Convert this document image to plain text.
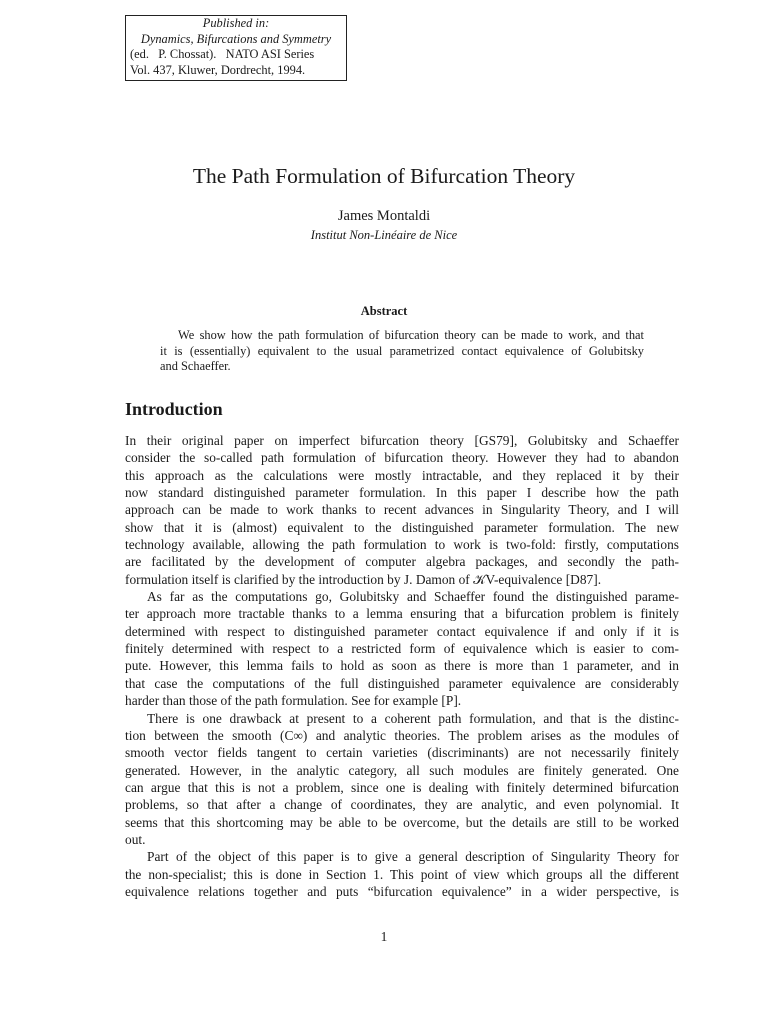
Published in:
Dynamics, Bifurcations and Symmetry
(ed.   P. Chossat).   NATO ASI Series
Vol. 437, Kluwer, Dordrecht, 1994.
The Path Formulation of Bifurcation Theory
James Montaldi
Institut Non-Linéaire de Nice
Abstract
We show how the path formulation of bifurcation theory can be made to work, and that
it is (essentially) equivalent to the usual parametrized contact equivalence of Golubitsky
and Schaeffer.
Introduction
In their original paper on imperfect bifurcation theory [GS79], Golubitsky and Schaeffer
consider the so-called path formulation of bifurcation theory. However they had to abandon
this approach as the calculations were mostly intractable, and they replaced it by their
now standard distinguished parameter formulation. In this paper I describe how the path
approach can be made to work thanks to recent advances in Singularity Theory, and I will
show that it is (almost) equivalent to the distinguished parameter formulation. The new
technology available, allowing the path formulation to work is two-fold: firstly, computations
are facilitated by the development of computer algebra packages, and secondly the path-
formulation itself is clarified by the introduction by J. Damon of 𝒦V-equivalence [D87].
As far as the computations go, Golubitsky and Schaeffer found the distinguished parame-
ter approach more tractable thanks to a lemma ensuring that a bifurcation problem is finitely
determined with respect to distinguished parameter contact equivalence if and only if it is
finitely determined with respect to a restricted form of equivalence which is easier to com-
pute. However, this lemma fails to hold as soon as there is more than 1 parameter, and in
that case the computations of the full distinguished parameter equivalence are considerably
harder than those of the path formulation. See for example [P].
There is one drawback at present to a coherent path formulation, and that is the distinc-
tion between the smooth (C∞) and analytic theories. The problem arises as the modules of
smooth vector fields tangent to certain varieties (discriminants) are not necessarily finitely
generated. However, in the analytic category, all such modules are finitely generated. One
can argue that this is not a problem, since one is dealing with finitely determined bifurcation
problems, so that after a change of coordinates, they are analytic, and even polynomial. It
seems that this shortcoming may be able to be overcome, but the details are still to be worked
out.
Part of the object of this paper is to give a general description of Singularity Theory for
the non-specialist; this is done in Section 1. This point of view which groups all the different
equivalence relations together and puts “bifurcation equivalence” in a wider perspective, is
1
